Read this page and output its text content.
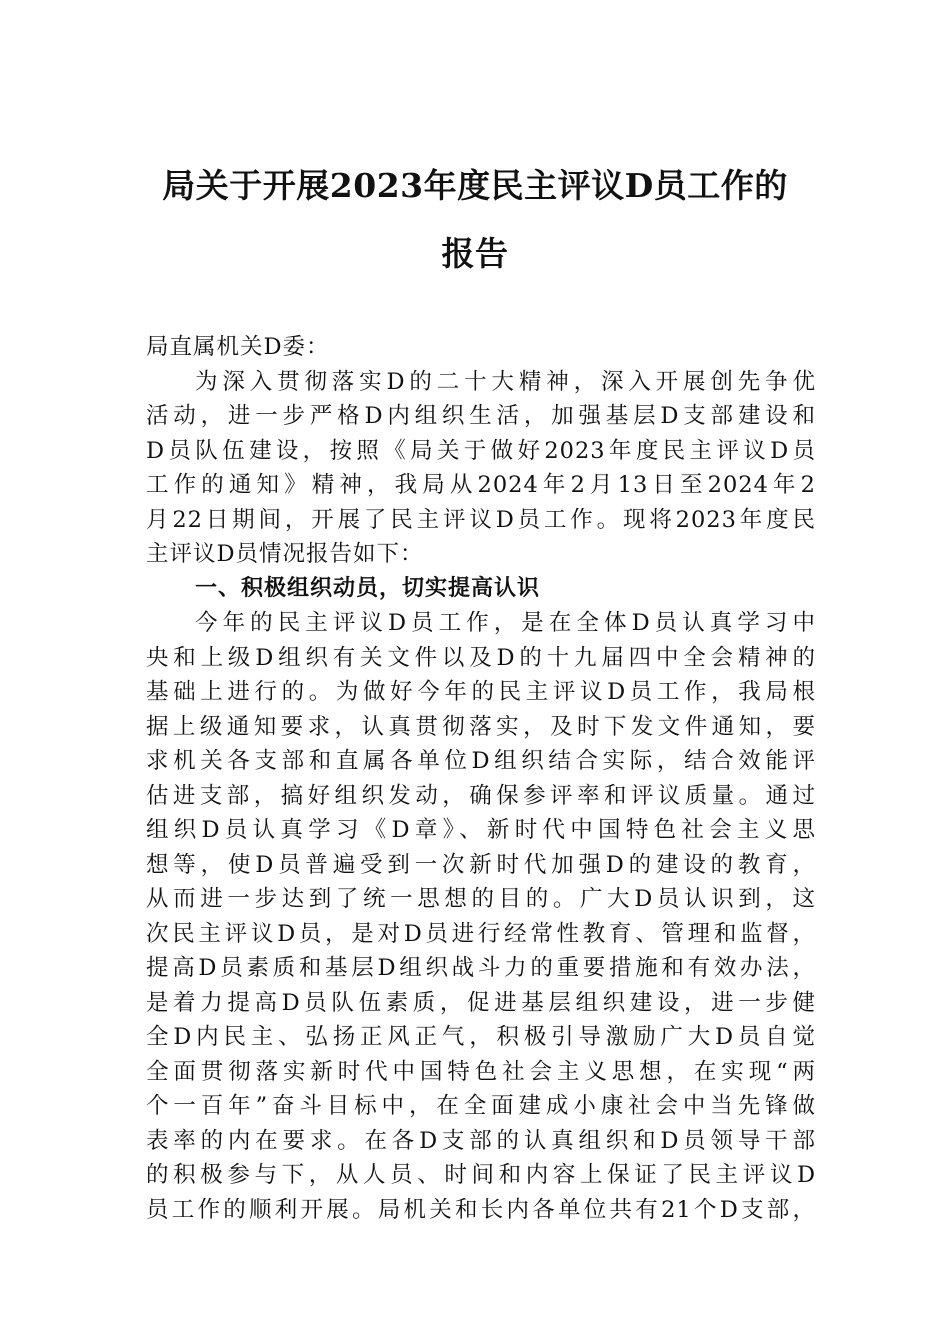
局关于开展2023年度民主评议D员工作的
报告
局直属机关D委：
为深入贯彻落实D的二十大精神，深入开展创先争优
活动，进一步严格D内组织生活，加强基层D支部建设和
D员队伍建设，按照《局关于做好2023年度民主评议D员
工作的通知》精神，我局从2024年2月13日至2024年2
月22日期间，开展了民主评议D员工作。现将2023年度民
主评议D员情况报告如下：
一、积极组织动员，切实提高认识
今年的民主评议D员工作，是在全体D员认真学习中
央和上级D组织有关文件以及D的十九届四中全会精神的
基础上进行的。为做好今年的民主评议D员工作，我局根
据上级通知要求，认真贯彻落实，及时下发文件通知，要
求机关各支部和直属各单位D组织结合实际，结合效能评
估进支部，搞好组织发动，确保参评率和评议质量。通过
组织D员认真学习《D章》、新时代中国特色社会主义思
想等，使D员普遍受到一次新时代加强D的建设的教育，
从而进一步达到了统一思想的目的。广大D员认识到，这
次民主评议D员，是对D员进行经常性教育、管理和监督，
提高D员素质和基层D组织战斗力的重要措施和有效办法，
是着力提高D员队伍素质，促进基层组织建设，进一步健
全D内民主、弘扬正风正气，积极引导激励广大D员自觉
全面贯彻落实新时代中国特色社会主义思想，在实现“两
个一百年”奋斗目标中，在全面建成小康社会中当先锋做
表率的内在要求。在各D支部的认真组织和D员领导干部
的积极参与下，从人员、时间和内容上保证了民主评议D
员工作的顺利开展。局机关和长内各单位共有21个D支部，
